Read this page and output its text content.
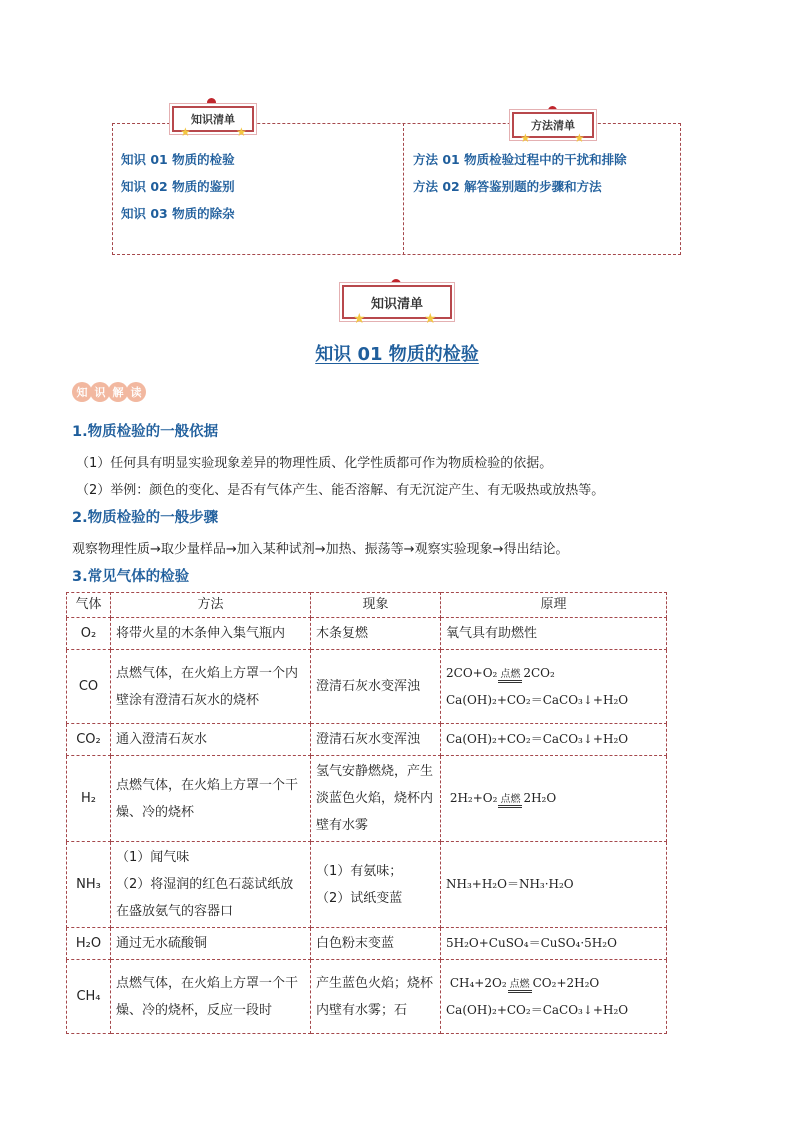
知识清单
★	★	方法清单
★	★
知识 01 物质的检验
知识 02 物质的鉴别
知识 03 物质的除杂
方法 01 物质检验过程中的干扰和排除
方法 02 解答鉴别题的步骤和方法
知识清单
★	★
知识 01 物质的检验
知 识 解 读
1.物质检验的一般依据
（1）任何具有明显实验现象差异的物理性质、化学性质都可作为物质检验的依据。
（2）举例：颜色的变化、是否有气体产生、能否溶解、有无沉淀产生、有无吸热或放热等。
2.物质检验的一般步骤
观察物理性质→取少量样品→加入某种试剂→加热、振荡等→观察实验现象→得出结论。
3.常见气体的检验
气体	方法	现象	原理
O₂	将带火星的木条伸入集气瓶内	木条复燃	氧气具有助燃性
CO	点燃气体，在火焰上方罩一个内壁涂有澄清石灰水的烧杯	澄清石灰水变浑浊	2CO+O₂ 点燃 2CO₂
Ca(OH)₂+CO₂＝CaCO₃↓+H₂O

CO₂	通入澄清石灰水	澄清石灰水变浑浊	Ca(OH)₂+CO₂＝CaCO₃↓+H₂O
H₂	点燃气体，在火焰上方罩一个干燥、冷的烧杯	氢气安静燃烧，产生淡蓝色火焰，烧杯内壁有水雾	2H₂+O₂ 点燃 2H₂O

NH₃	（1）闻气味
（2）将湿润的红色石蕊试纸放在盛放氨气的容器口	（1）有氨味；
（2）试纸变蓝	NH₃+H₂O＝NH₃·H₂O
H₂O	通过无水硫酸铜	白色粉末变蓝	5H₂O+CuSO₄＝CuSO₄·5H₂O
CH₄	点燃气体，在火焰上方罩一个干燥、冷的烧杯，反应一段时	产生蓝色火焰；烧杯内壁有水雾；石	CH₄+2O₂ 点燃 CO₂+2H₂O
Ca(OH)₂+CO₂＝CaCO₃↓+H₂O
